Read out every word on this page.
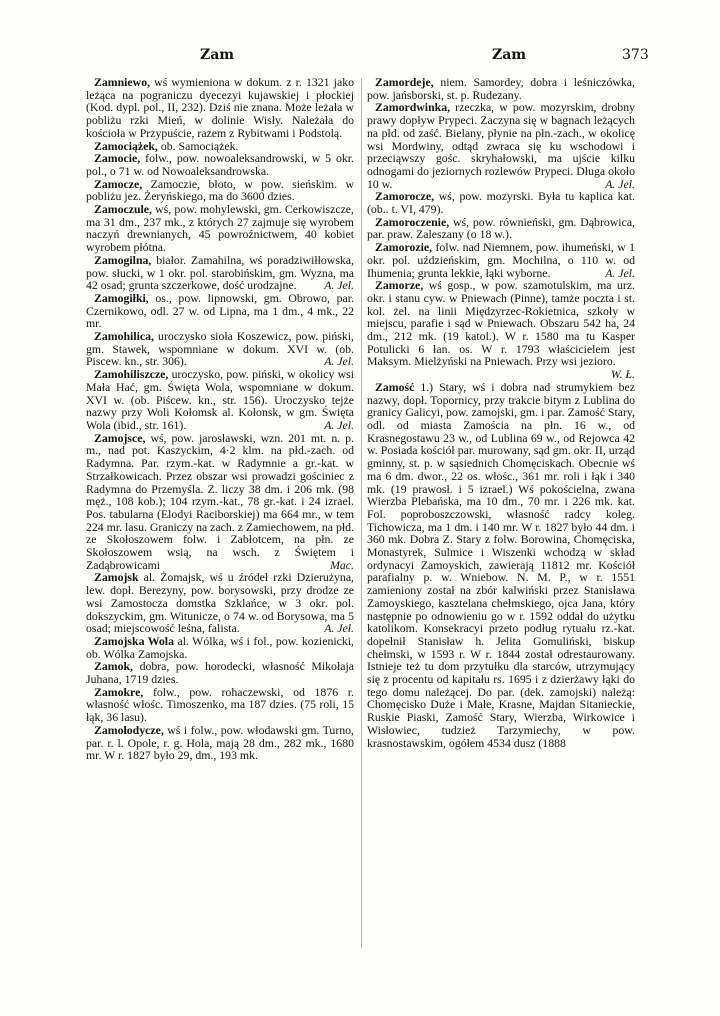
Zam	Zam	373

Zamniewo, wś wymieniona w dokum. z r. 1321 jako leżąca na pograniczu dyecezyi kujawskiej i płockiej (Kod. dypl. pol., II, 232). Dziś nie znana. Może leżała w pobliżu rzki Mień, w dolinie Wisły. Należała do kościoła w Przypuście, razem z Rybitwami i Podstolą.

Zamociążek, ob. Samociążek.

Zamocie, folw., pow. nowoaleksandrowski, w 5 okr. pol., o 71 w. od Nowoaleksandrowska.

Zamocze, Zamoczie, błoto, w pow. sieńskim. w pobliżu jez. Żeryńskiego, ma do 3600 dzies.

Zamoczule, wś, pow. mohylewski, gm. Cerkowiszcze, ma 31 dm., 237 mk., z których 27 zajmuje się wyrobem naczyń drewnianych, 45 powroźnictwem, 40 kobiet wyrobem płótna.

Zamogilna, białor. Zamahilna, wś poradziwiłłowska, pow. słucki, w 1 okr. pol. starobińskim, gm. Wyzna, ma 42 osad; grunta szczerkowe, dość urodzajne.	A. Jel.

Zamogiłki, os., pow. lipnowski, gm. Obrowo, par. Czernikowo, odl. 27 w. od Lipna, ma 1 dm., 4 mk., 22 mr.

Zamohilica, uroczysko sioła Koszewicz, pow. piński, gm. Stawek, wspomniane w dokum. XVI w. (ob. Piscew. kn., str. 306).	A. Jel.

Zamohiliszcze, uroczysko, pow. piński, w okolicy wsi Mała Hać, gm. Święta Wola, wspomniane w dokum. XVI w. (ob. Piścew. kn., str. 156). Uroczysko tejże nazwy przy Woli Kołomsk al. Kołonsk, w gm. Święta Wola (ibid., str. 161).	A. Jel.

Zamojsce, wś, pow. jarosławski, wzn. 201 mt. n. p. m., nad pot. Kaszyckim, 4·2 klm. na płd.-zach. od Radymna. Par. rzym.-kat. w Radymnie a gr.-kat. w Strzałkowicach. Przez obszar wsi prowadzi gościniec z Radymna do Przemyśla. Z. liczy 38 dm. i 206 mk. (98 męż., 108 kob.); 104 rzym.-kat., 78 gr.-kat. i 24 izrael. Pos. tabularna (Elodyi Raciborskiej) ma 664 mr., w tem 224 mr. lasu. Graniczy na zach. z Zamiechowem, na płd. ze Skołoszowem folw. i Zabłotcem, na płn. ze Skołoszowem wsią, na wsch. z Świętem i Zadąbrowicami	Mac.

Zamojsk al. Żomajsk, wś u źródeł rzki Dzierużyna, lew. dopł. Berezyny, pow. borysowski, przy drodze ze wsi Zamostocza domstka Szklańce, w 3 okr. pol. dokszyckim, gm. Witunicze, o 74 w. od Borysowa, ma 5 osad; miejscowość leśna, falista.	A. Jel.

Zamojska Wola al. Wólka, wś i fol., pow. kozienicki, ob. Wólka Zamojska.

Zamok, dobra, pow. horodecki, własność Mikołaja Juhana, 1719 dzies.

Zamokre, folw., pow. rohaczewski, od 1876 r. własność włośc. Timoszenko, ma 187 dzies. (75 roli, 15 łąk, 36 lasu).

Zamołodycze, wś i folw., pow. włodawski gm. Turno, par. r. l. Opole, r. g. Hola, mają 28 dm., 282 mk., 1680 mr. W r. 1827 było 29, dm., 193 mk.

Zamordeje, niem. Samordey, dobra i leśniczówka, pow. jańsborski, st. p. Rudezany.

Zamordwinka, rzeczka, w pow. mozyrskim, drobny prawy dopływ Prypeci. Zaczyna się w bagnach leżących na płd. od zaść. Bielany, płynie na płn.-zach., w okolicę wsi Mordwiny, odtąd zwraca się ku wschodowi i przeciąwszy gośc. skryhałowski, ma ujście kilku odnogami do jeziornych rozlewów Prypeci. Długa około 10 w.	A. Jel.

Zamorocze, wś, pow. mozyrski. Była tu kaplica kat. (ob.. t. VI, 479).

Zamoroczenie, wś, pow. równieński, gm. Dąbrowica, par. praw. Zaleszany (o 18 w.).

Zamorozie, folw. nad Niemnem, pow. ihumeński, w 1 okr. pol. uździeńskim, gm. Mochilna, o 110 w. od Ihumenia; grunta lekkie, łąki wyborne.	A. Jel.

Zamorze, wś gosp., w pow. szamotulskim, ma urz. okr. i stanu cyw. w Pniewach (Pinne), tamże poczta i st. kol. żel. na linii Międzyrzec-Rokietnica, szkoły w miejscu, parafie i sąd w Pniewach. Obszaru 542 ha, 24 dm., 212 mk. (19 katol.). W r. 1580 ma tu Kasper Potulicki 6 łan. os. W r. 1793 właścicielem jest Maksym. Mielżyński na Pniewach. Przy wsi jezioro.
W. Ł.

Zamość 1.) Stary, wś i dobra nad strumykiem bez nazwy, dopł. Topornicy, przy trakcie bitym z Lublina do granicy Galicyi, pow. zamojski, gm. i par. Zamość Stary, odl. od miasta Zamościa na płn. 16 w., od Krasnegostawu 23 w., od Lublina 69 w., od Rejowca 42 w. Posiada kościół par. murowany, sąd gm. okr. II, urząd gminny, st. p. w sąsiednich Chomęciskach. Obecnie wś ma 6 dm. dwor., 22 os. włośc., 361 mr. roli i łąk i 340 mk. (19 prawosł. i 5 izrael.) Wś pokościelna, zwana Wierzba Plebańska, ma 10 dm., 70 mr. i 226 mk. kat. Fol. poproboszczowski, własność radcy koleg. Tichowicza, ma 1 dm. i 140 mr. W r. 1827 było 44 dm. i 360 mk. Dobra Z. Stary z folw. Borowina, Chomęciska, Monastyrek, Sulmice i Wiszenki wchodzą w skład ordynacyi Zamoyskich, zawierają 11812 mr. Kościół parafialny p. w. Wniebow. N. M. P., w r. 1551 zamieniony został na zbór kalwiński przez Stanisława Zamoyskiego, kasztelana chełmskiego, ojca Jana, który następnie po odnowieniu go w r. 1592 oddał do użytku katolikom. Konsekracyi przeto podług rytuału rz.-kat. dopełnił Stanisław h. Jelita Gomuliński, biskup chełmski, w 1593 r. W r. 1844 został odrestaurowany. Istnieje też tu dom przytułku dla starców, utrzymujący się z procentu od kapitału rs. 1695 i z dzierżawy łąki do tego domu należącej. Do par. (dek. zamojski) należą: Chomęcisko Duże i Małe, Krasne, Majdan Sitanieckie, Ruskie Piaski, Zamość Stary, Wierzba, Wirkowice i Wisłowiec, tudzież Tarzymiechy, w pow. krasnostawskim, ogółem 4534 dusz (1888
